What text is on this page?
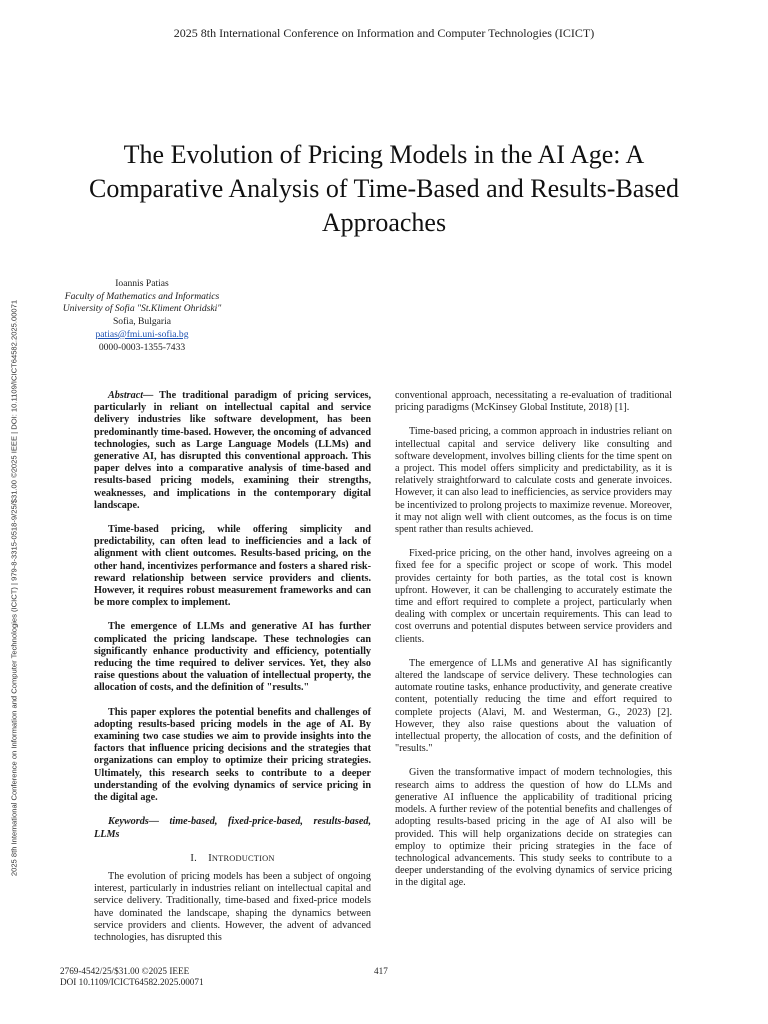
2025 8th International Conference on Information and Computer Technologies (ICICT)
2025 8th International Conference on Information and Computer Technologies (ICICT) | 979-8-3315-0518-9/25/$31.00 ©2025 IEEE | DOI: 10.1109/ICICT64582.2025.00071
The Evolution of Pricing Models in the AI Age: A Comparative Analysis of Time-Based and Results-Based Approaches
Ioannis Patias
Faculty of Mathematics and Informatics
University of Sofia "St.Kliment Ohridski"
Sofia, Bulgaria
patias@fmi.uni-sofia.bg
0000-0003-1355-7433

Abstract— The traditional paradigm of pricing services, particularly in reliant on intellectual capital and service delivery industries like software development, has been predominantly time-based. However, the oncoming of advanced technologies, such as Large Language Models (LLMs) and generative AI, has disrupted this conventional approach. This paper delves into a comparative analysis of time-based and results-based pricing models, examining their strengths, weaknesses, and implications in the contemporary digital landscape.

Time-based pricing, while offering simplicity and predictability, can often lead to inefficiencies and a lack of alignment with client outcomes. Results-based pricing, on the other hand, incentivizes performance and fosters a shared risk-reward relationship between service providers and clients. However, it requires robust measurement frameworks and can be more complex to implement.

The emergence of LLMs and generative AI has further complicated the pricing landscape. These technologies can significantly enhance productivity and efficiency, potentially reducing the time required to deliver services. Yet, they also raise questions about the valuation of intellectual property, the allocation of costs, and the definition of "results."

This paper explores the potential benefits and challenges of adopting results-based pricing models in the age of AI. By examining two case studies we aim to provide insights into the factors that influence pricing decisions and the strategies that organizations can employ to optimize their pricing strategies. Ultimately, this research seeks to contribute to a deeper understanding of the evolving dynamics of service pricing in the digital age.

Keywords— time-based, fixed-price-based, results-based, LLMs

I. INTRODUCTION

The evolution of pricing models has been a subject of ongoing interest, particularly in industries reliant on intellectual capital and service delivery. Traditionally, time-based and fixed-price models have dominated the landscape, shaping the dynamics between service providers and clients. However, the advent of advanced technologies, has disrupted this

conventional approach, necessitating a re-evaluation of traditional pricing paradigms (McKinsey Global Institute, 2018) [1].

Time-based pricing, a common approach in industries reliant on intellectual capital and service delivery like consulting and software development, involves billing clients for the time spent on a project. This model offers simplicity and predictability, as it is relatively straightforward to calculate costs and generate invoices. However, it can also lead to inefficiencies, as service providers may be incentivized to prolong projects to maximize revenue. Moreover, it may not align well with client outcomes, as the focus is on time spent rather than results achieved.

Fixed-price pricing, on the other hand, involves agreeing on a fixed fee for a specific project or scope of work. This model provides certainty for both parties, as the total cost is known upfront. However, it can be challenging to accurately estimate the time and effort required to complete a project, particularly when dealing with complex or uncertain requirements. This can lead to cost overruns and potential disputes between service providers and clients.

The emergence of LLMs and generative AI has significantly altered the landscape of service delivery. These technologies can automate routine tasks, enhance productivity, and generate creative content, potentially reducing the time and effort required to complete projects (Alavi, M. and Westerman, G., 2023) [2]. However, they also raise questions about the valuation of intellectual property, the allocation of costs, and the definition of "results."

Given the transformative impact of modern technologies, this research aims to address the question of how do LLMs and generative AI influence the applicability of traditional pricing models. A further review of the potential benefits and challenges of adopting results-based pricing in the age of AI also will be provided. This will help organizations decide on strategies can employ to optimize their pricing strategies in the face of technological advancements. This study seeks to contribute to a deeper understanding of the evolving dynamics of service pricing in the digital age.

2769-4542/25/$31.00 ©2025 IEEE
DOI 10.1109/ICICT64582.2025.00071
417
